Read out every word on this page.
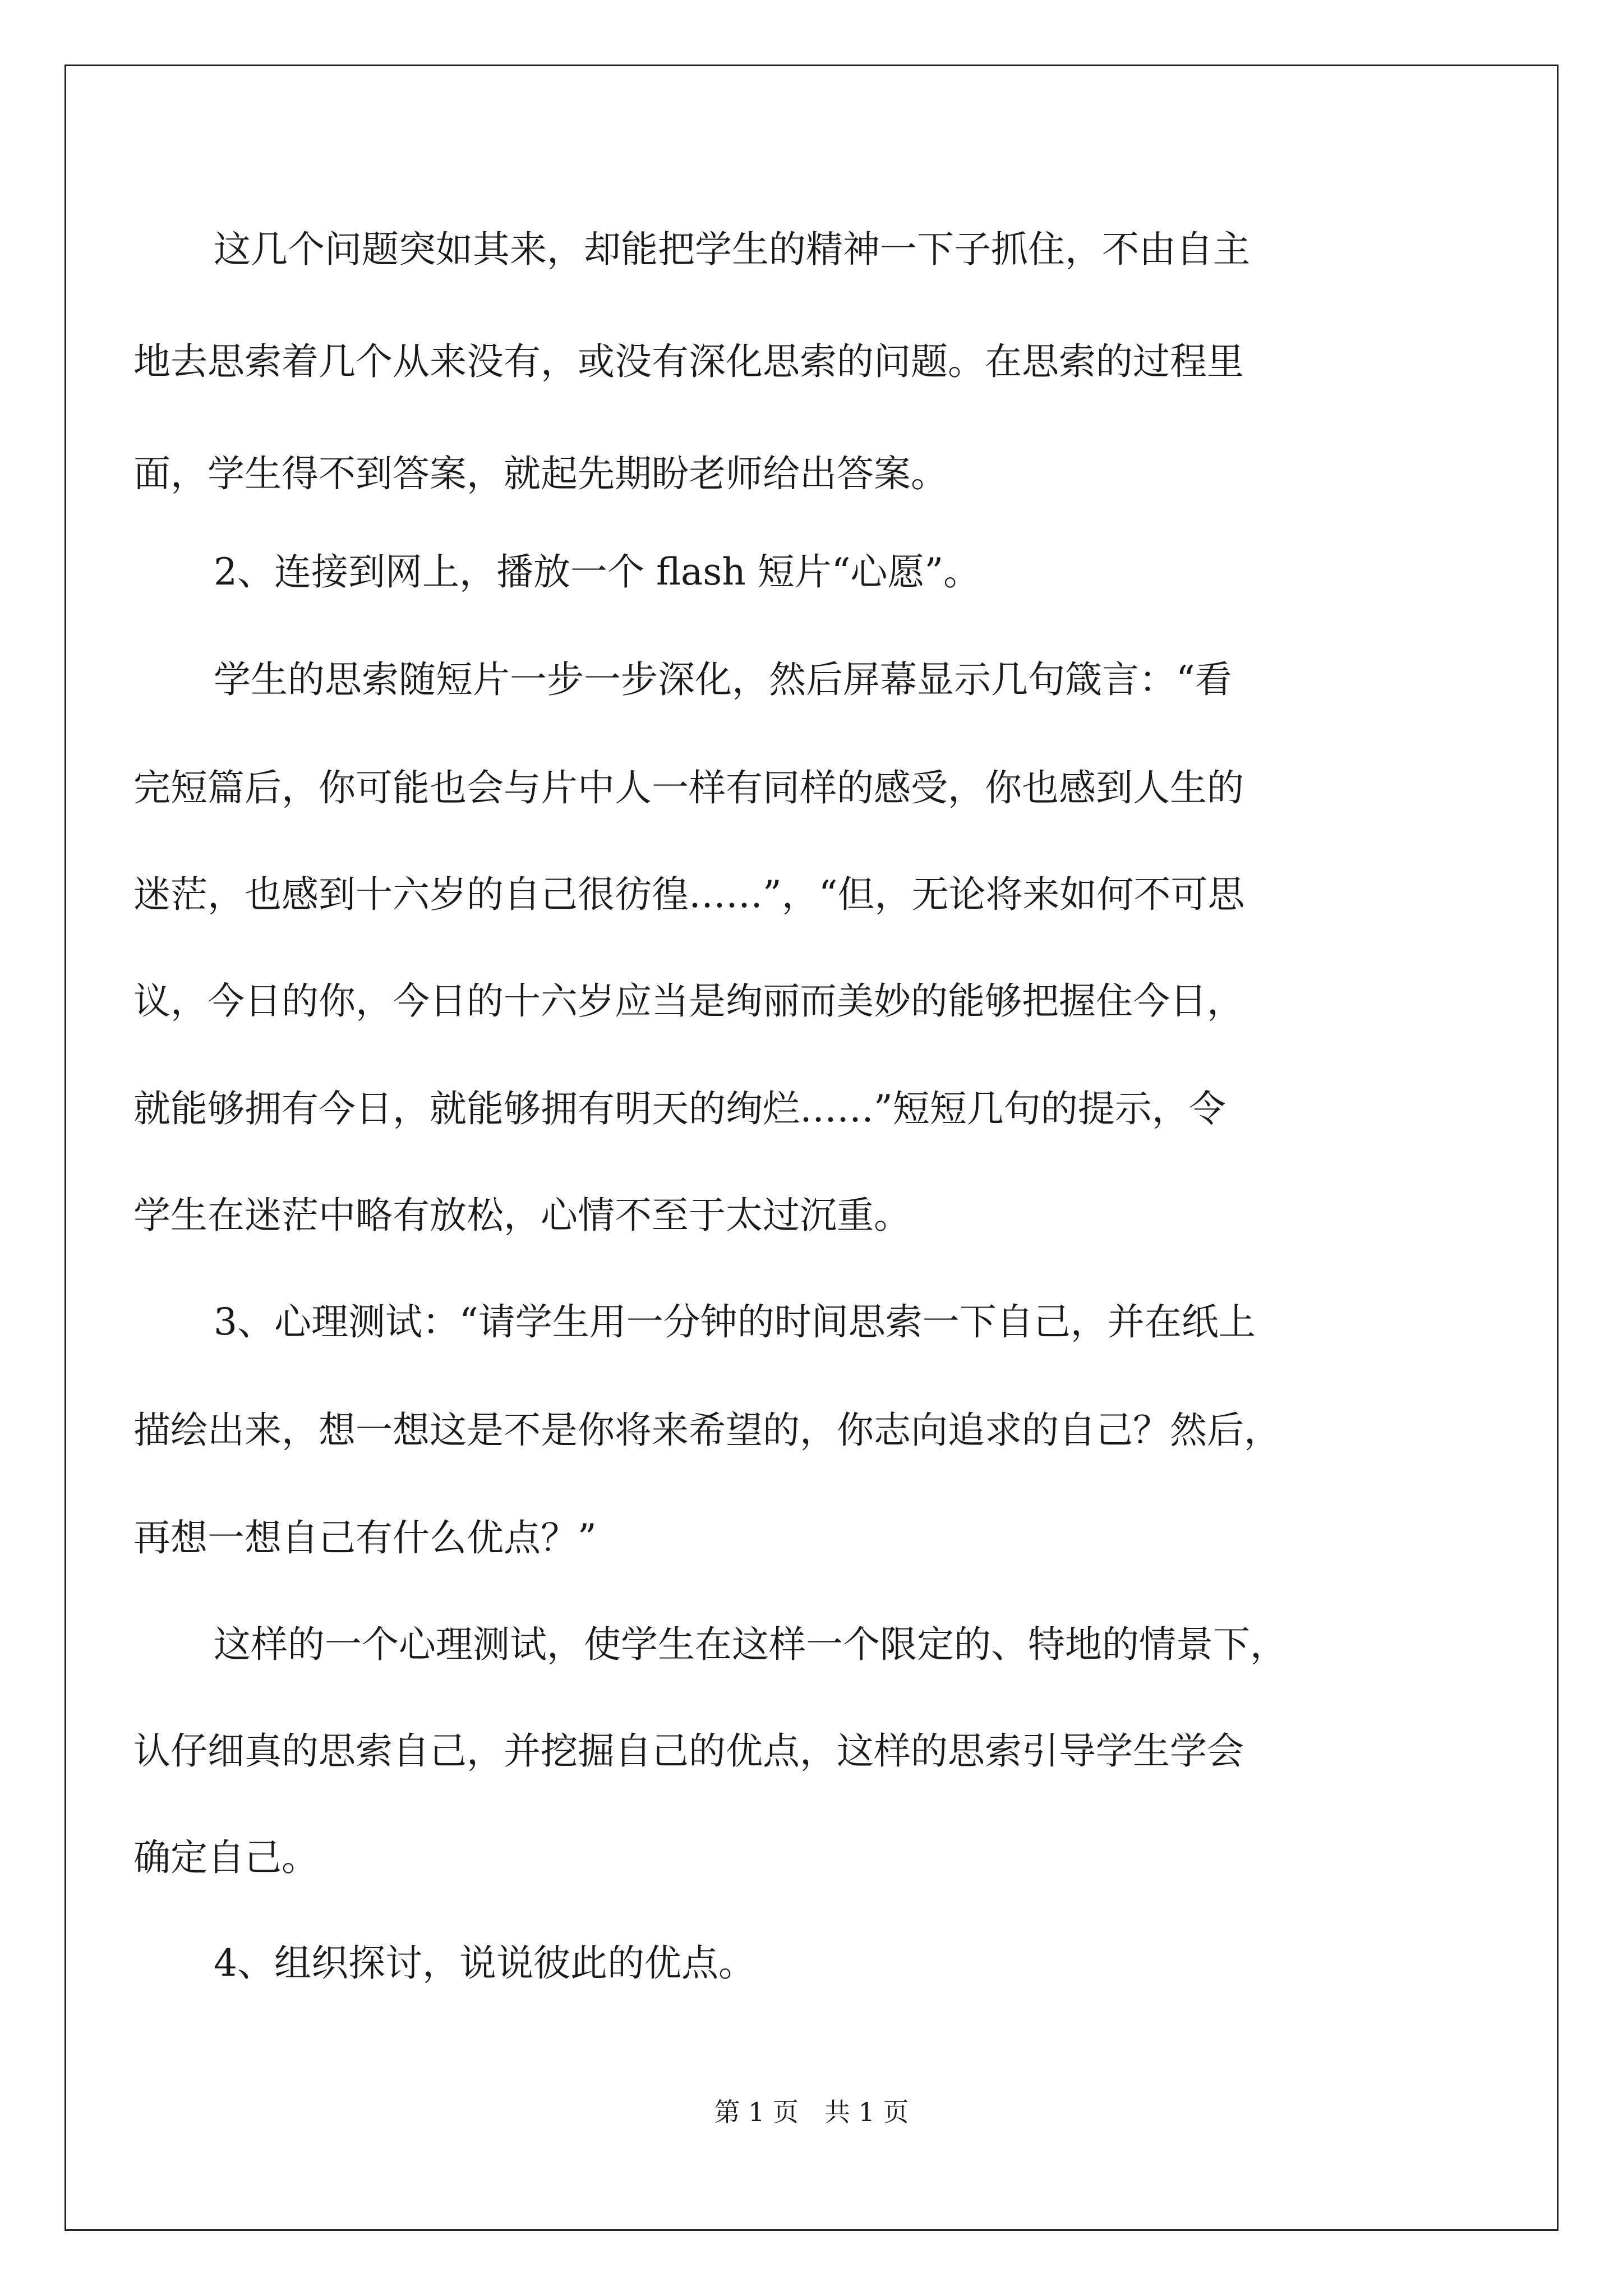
这几个问题突如其来，却能把学生的精神一下子抓住，不由自主
地去思索着几个从来没有，或没有深化思索的问题。在思索的过程里
面，学生得不到答案，就起先期盼老师给出答案。
2、连接到网上，播放一个 flash 短片“心愿”。
学生的思索随短片一步一步深化，然后屏幕显示几句箴言：“看
完短篇后，你可能也会与片中人一样有同样的感受，你也感到人生的
迷茫，也感到十六岁的自己很彷徨……”，“但，无论将来如何不可思
议，今日的你，今日的十六岁应当是绚丽而美妙的能够把握住今日，
就能够拥有今日，就能够拥有明天的绚烂……”短短几句的提示，令
学生在迷茫中略有放松，心情不至于太过沉重。
3、心理测试：“请学生用一分钟的时间思索一下自己，并在纸上
描绘出来，想一想这是不是你将来希望的，你志向追求的自己？然后，
再想一想自己有什么优点？”
这样的一个心理测试，使学生在这样一个限定的、特地的情景下，
认仔细真的思索自己，并挖掘自己的优点，这样的思索引导学生学会
确定自己。
4、组织探讨，说说彼此的优点。
第 1 页　共 1 页
